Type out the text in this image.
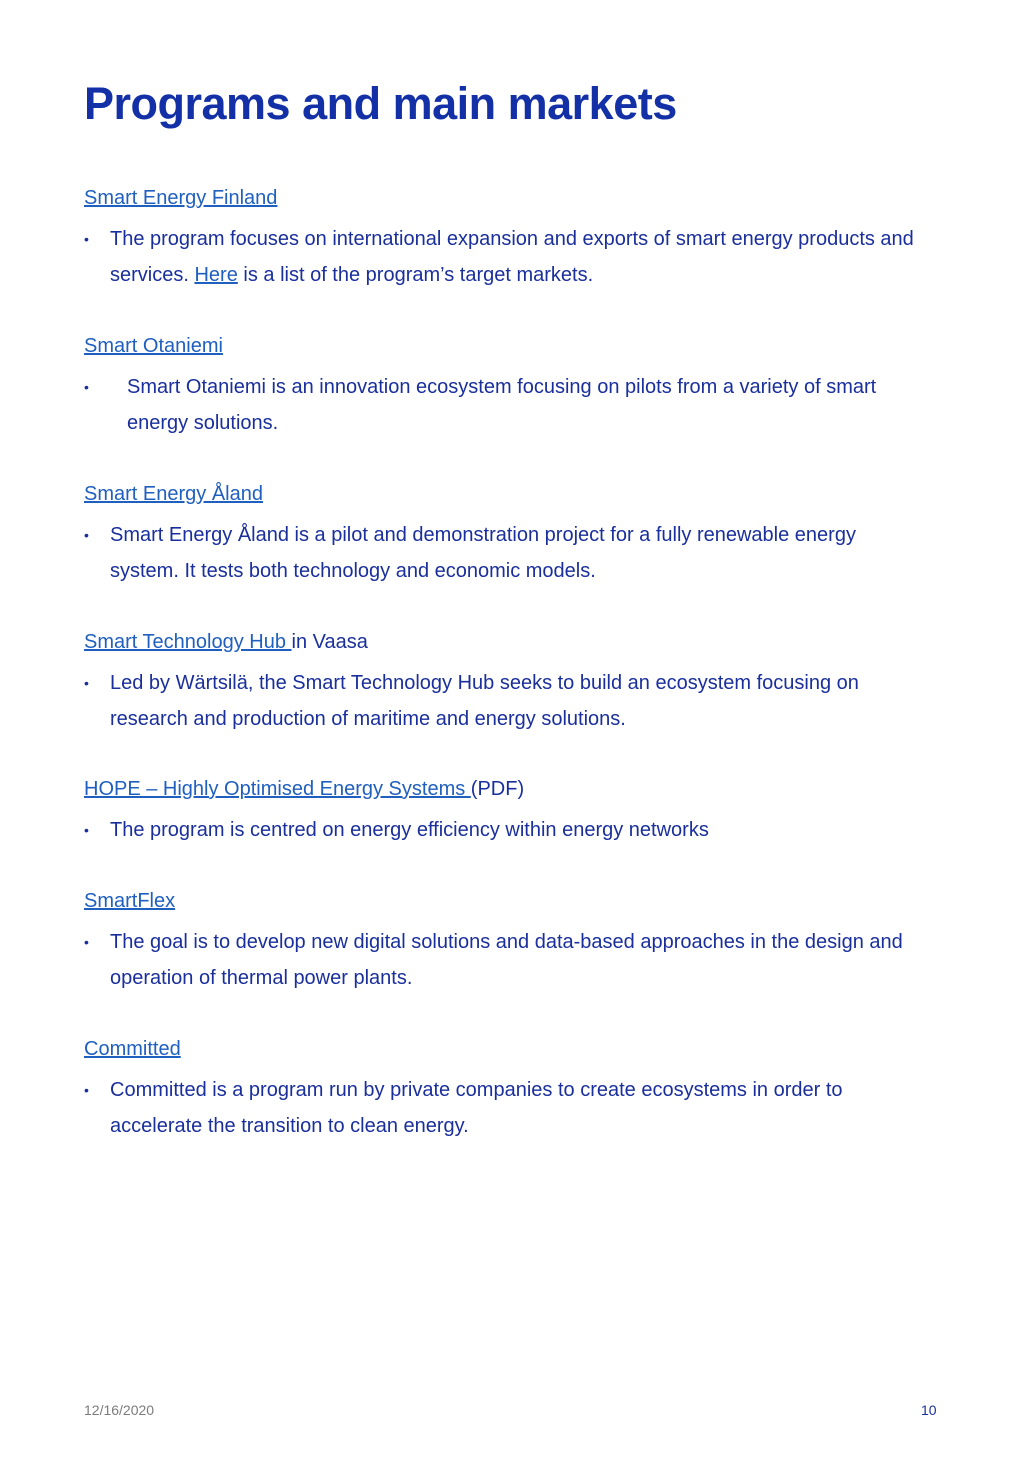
Programs and main markets
Smart Energy Finland
•	The program focuses on international expansion and exports of smart energy products and services. Here is a list of the program’s target markets.
Smart Otaniemi
•	Smart Otaniemi is an innovation ecosystem focusing on pilots from a variety of smart energy solutions.
Smart Energy Åland
•	Smart Energy Åland is a pilot and demonstration project for a fully renewable energy system. It tests both technology and economic models.
Smart Technology Hub in Vaasa
•	Led by Wärtsilä, the Smart Technology Hub seeks to build an ecosystem focusing on research and production of maritime and energy solutions.
HOPE – Highly Optimised Energy Systems (PDF)
•	The program is centred on energy efficiency within energy networks
SmartFlex
•	The goal is to develop new digital solutions and data-based approaches in the design and operation of thermal power plants.
Committed
•	Committed is a program run by private companies to create ecosystems in order to accelerate the transition to clean energy.
12/16/2020	10
